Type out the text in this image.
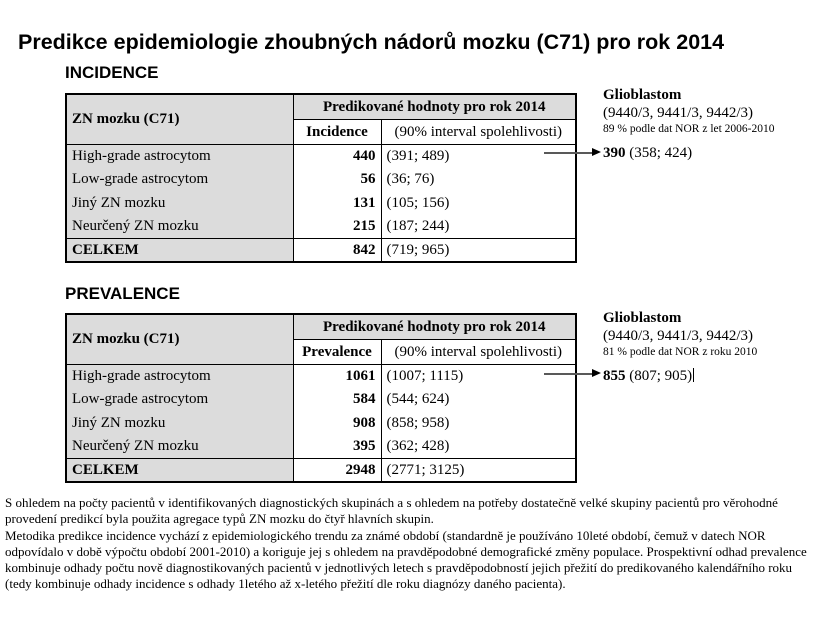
Predikce epidemiologie zhoubných nádorů mozku (C71) pro rok 2014
INCIDENCE
ZN mozku (C71)	Predikované hodnoty pro rok 2014	
	Incidence	(90% interval spolehlivosti)
High-grade astrocytom	440	(391; 489)
Low-grade astrocytom	56	(36; 76)
Jiný ZN mozku	131	(105; 156)
Neurčený ZN mozku	215	(187; 244)
CELKEM	842	(719; 965)
Glioblastom
(9440/3, 9441/3, 9442/3)
89 % podle dat NOR z let 2006-2010
390 (358; 424)
PREVALENCE
ZN mozku (C71)	Predikované hodnoty pro rok 2014	
	Prevalence	(90% interval spolehlivosti)
High-grade astrocytom	1061	(1007; 1115)
Low-grade astrocytom	584	(544; 624)
Jiný ZN mozku	908	(858; 958)
Neurčený ZN mozku	395	(362; 428)
CELKEM	2948	(2771; 3125)
Glioblastom
(9440/3, 9441/3, 9442/3)
81 % podle dat NOR z roku 2010
855 (807; 905)

S ohledem na počty pacientů v identifikovaných diagnostických skupinách a s ohledem na potřeby dostatečně velké skupiny pacientů pro věrohodné provedení predikcí byla použita agregace typů ZN mozku do čtyř hlavních skupin.

Metodika predikce incidence vychází z epidemiologického trendu za známé období (standardně je používáno 10leté období, čemuž v datech NOR odpovídalo v době výpočtu období 2001-2010) a koriguje jej s ohledem na pravděpodobné demografické změny populace. Prospektivní odhad prevalence kombinuje odhady počtu nově diagnostikovaných pacientů v jednotlivých letech s pravděpodobností jejich přežití do predikovaného kalendářního roku (tedy kombinuje odhady incidence s odhady 1letého až x-letého přežití dle roku diagnózy daného pacienta).
